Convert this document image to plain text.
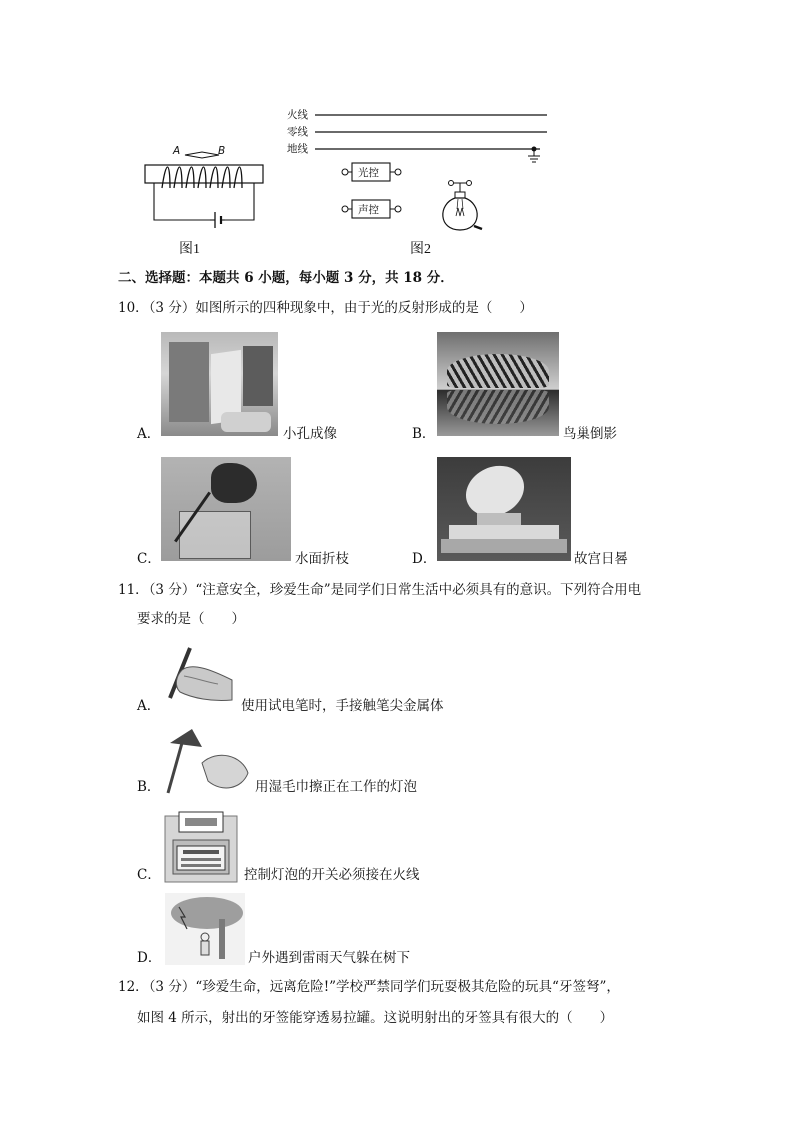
A	B
图1
火线
零线
地线
光控
声控
图2
二、选择题：本题共 6 小题，每小题 3 分，共 18 分．
10．（3 分）如图所示的四种现象中，由于光的反射形成的是（　　）
A．	小孔成像	B．	鸟巢倒影
C．	水面折枝	D．	故宫日晷
11．（3 分）“注意安全，珍爱生命”是同学们日常生活中必须具有的意识。下列符合用电
要求的是（　　）
A．	使用试电笔时，手接触笔尖金属体
B．	用湿毛巾擦正在工作的灯泡
C．	控制灯泡的开关必须接在火线
D．	户外遇到雷雨天气躲在树下
12．（3 分）“珍爱生命，远离危险!”学校严禁同学们玩耍极其危险的玩具“牙签弩”，
如图 4 所示，射出的牙签能穿透易拉罐。这说明射出的牙签具有很大的（　　）
